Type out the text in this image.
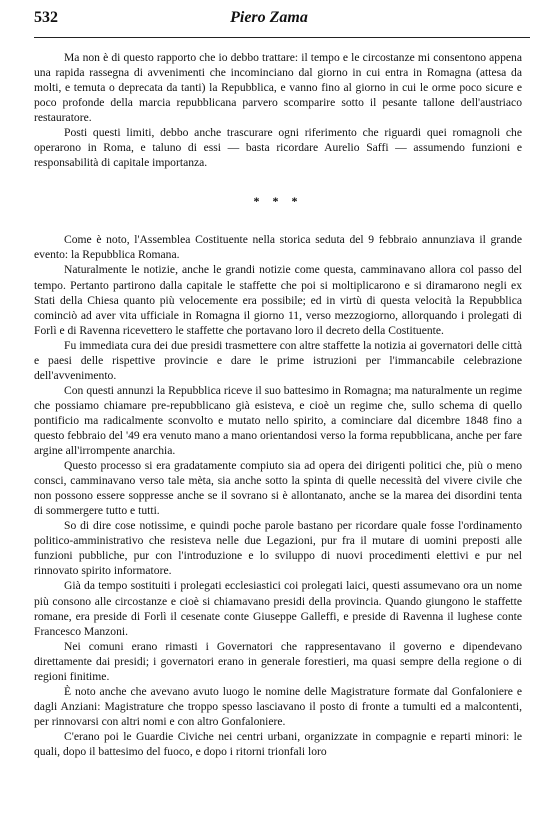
532	Piero Zama

Ma non è di questo rapporto che io debbo trattare: il tempo e le circostanze mi consentono appena una rapida rassegna di avvenimenti che incominciano dal giorno in cui entra in Romagna (attesa da molti, e temuta o deprecata da tanti) la Repubblica, e vanno fino al giorno in cui le orme poco sicure e poco profonde della marcia repubblicana parvero scomparire sotto il pesante tallone dell'austriaco restauratore.

Posti questi limiti, debbo anche trascurare ogni riferimento che riguardi quei romagnoli che operarono in Roma, e taluno di essi — basta ricordare Aurelio Saffi — assumendo funzioni e responsabilità di capitale importanza.

* * *

Come è noto, l'Assemblea Costituente nella storica seduta del 9 febbraio annunziava il grande evento: la Repubblica Romana.

Naturalmente le notizie, anche le grandi notizie come questa, camminavano allora col passo del tempo. Pertanto partirono dalla capitale le staffette che poi si moltiplicarono e si diramarono negli ex Stati della Chiesa quanto più velocemente era possibile; ed in virtù di questa velocità la Repubblica cominciò ad aver vita ufficiale in Romagna il giorno 11, verso mezzogiorno, allorquando i prolegati di Forlì e di Ravenna ricevettero le staffette che portavano loro il decreto della Costituente.

Fu immediata cura dei due presidi trasmettere con altre staffette la notizia ai governatori delle città e paesi delle rispettive provincie e dare le prime istruzioni per l'immancabile celebrazione dell'avvenimento.

Con questi annunzi la Repubblica riceve il suo battesimo in Romagna; ma naturalmente un regime che possiamo chiamare pre-repubblicano già esisteva, e cioè un regime che, sullo schema di quello pontificio ma radicalmente sconvolto e mutato nello spirito, a cominciare dal dicembre 1848 fino a questo febbraio del '49 era venuto mano a mano orientandosi verso la forma repubblicana, anche per fare argine all'irrompente anarchia.

Questo processo si era gradatamente compiuto sia ad opera dei dirigenti politici che, più o meno consci, camminavano verso tale mèta, sia anche sotto la spinta di quelle necessità del vivere civile che non possono essere soppresse anche se il sovrano si è allontanato, anche se la marea dei disordini tenta di sommergere tutto e tutti.

So di dire cose notissime, e quindi poche parole bastano per ricordare quale fosse l'ordinamento politico-amministrativo che resisteva nelle due Legazioni, pur fra il mutare di uomini preposti alle funzioni pubbliche, pur con l'introduzione e lo sviluppo di nuovi procedimenti elettivi e pur nel rinnovato spirito informatore.

Già da tempo sostituiti i prolegati ecclesiastici coi prolegati laici, questi assumevano ora un nome più consono alle circostanze e cioè si chiamavano presidi della provincia. Quando giungono le staffette romane, era preside di Forlì il cesenate conte Giuseppe Galleffi, e preside di Ravenna il lughese conte Francesco Manzoni.

Nei comuni erano rimasti i Governatori che rappresentavano il governo e dipendevano direttamente dai presidi; i governatori erano in generale forestieri, ma quasi sempre della regione o di regioni finitime.

È noto anche che avevano avuto luogo le nomine delle Magistrature formate dal Gonfaloniere e dagli Anziani: Magistrature che troppo spesso lasciavano il posto di fronte a tumulti ed a malcontenti, per rinnovarsi con altri nomi e con altro Gonfaloniere.

C'erano poi le Guardie Civiche nei centri urbani, organizzate in compagnie e reparti minori: le quali, dopo il battesimo del fuoco, e dopo i ritorni trionfali loro
